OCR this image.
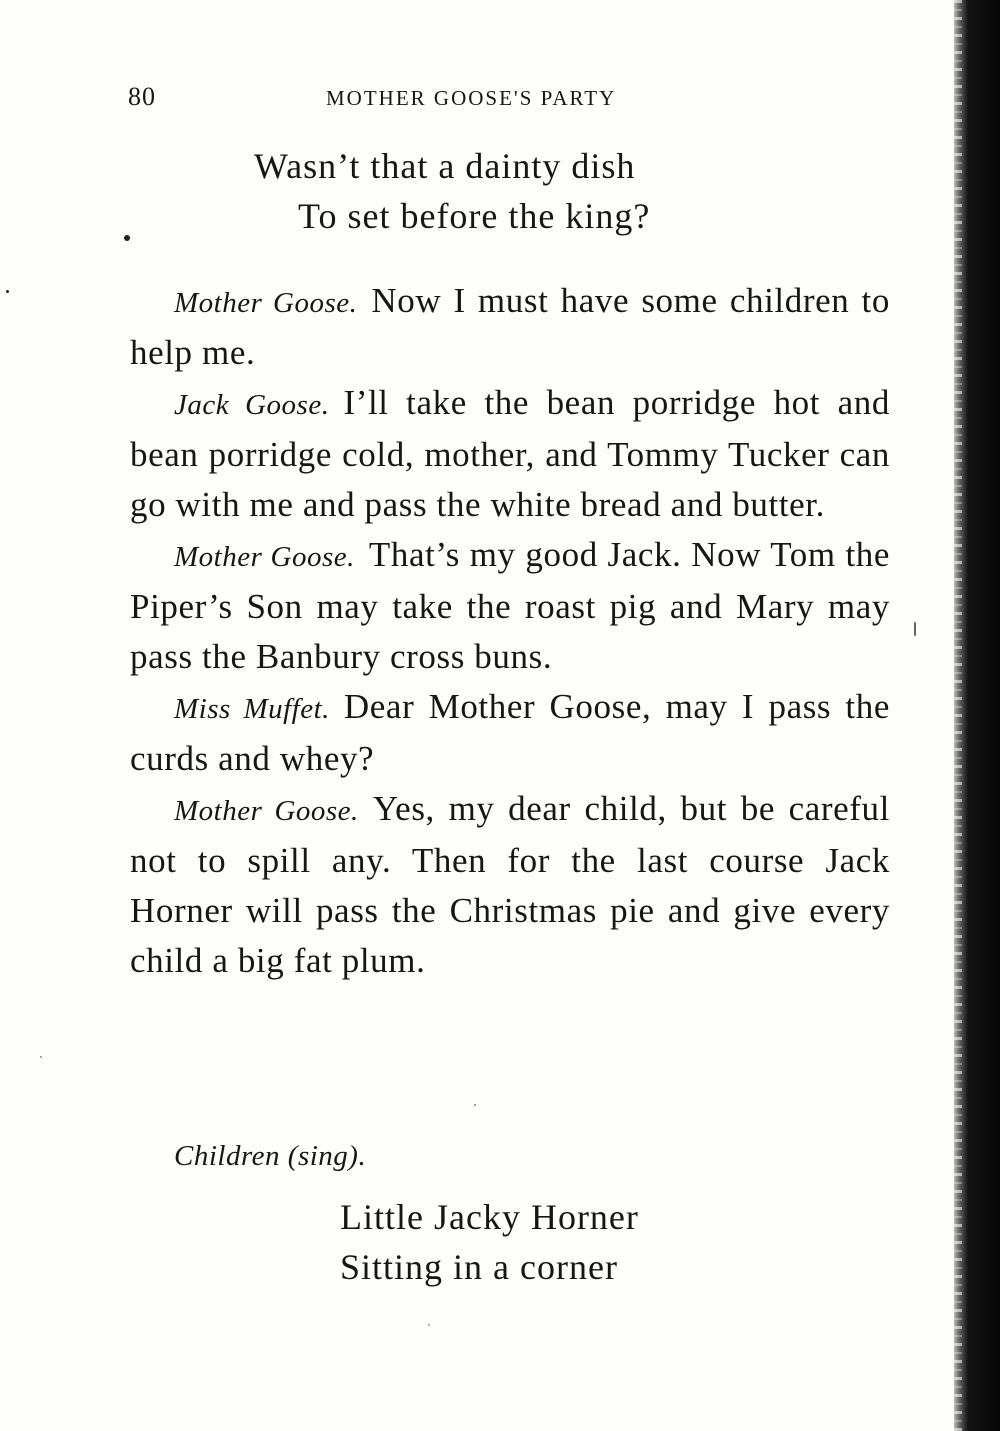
80	MOTHER GOOSE'S PARTY
Wasn’t that a dainty dish
To set before the king?

Mother Goose. Now I must have some children to help me.

Jack Goose. I’ll take the bean porridge hot and bean porridge cold, mother, and Tommy Tucker can go with me and pass the white bread and butter.

Mother Goose. That’s my good Jack. Now Tom the Piper’s Son may take the roast pig and Mary may pass the Banbury cross buns.

Miss Muffet. Dear Mother Goose, may I pass the curds and whey?

Mother Goose. Yes, my dear child, but be careful not to spill any. Then for the last course Jack Horner will pass the Christmas pie and give every child a big fat plum.

Children (sing).
Little Jacky Horner
Sitting in a corner
